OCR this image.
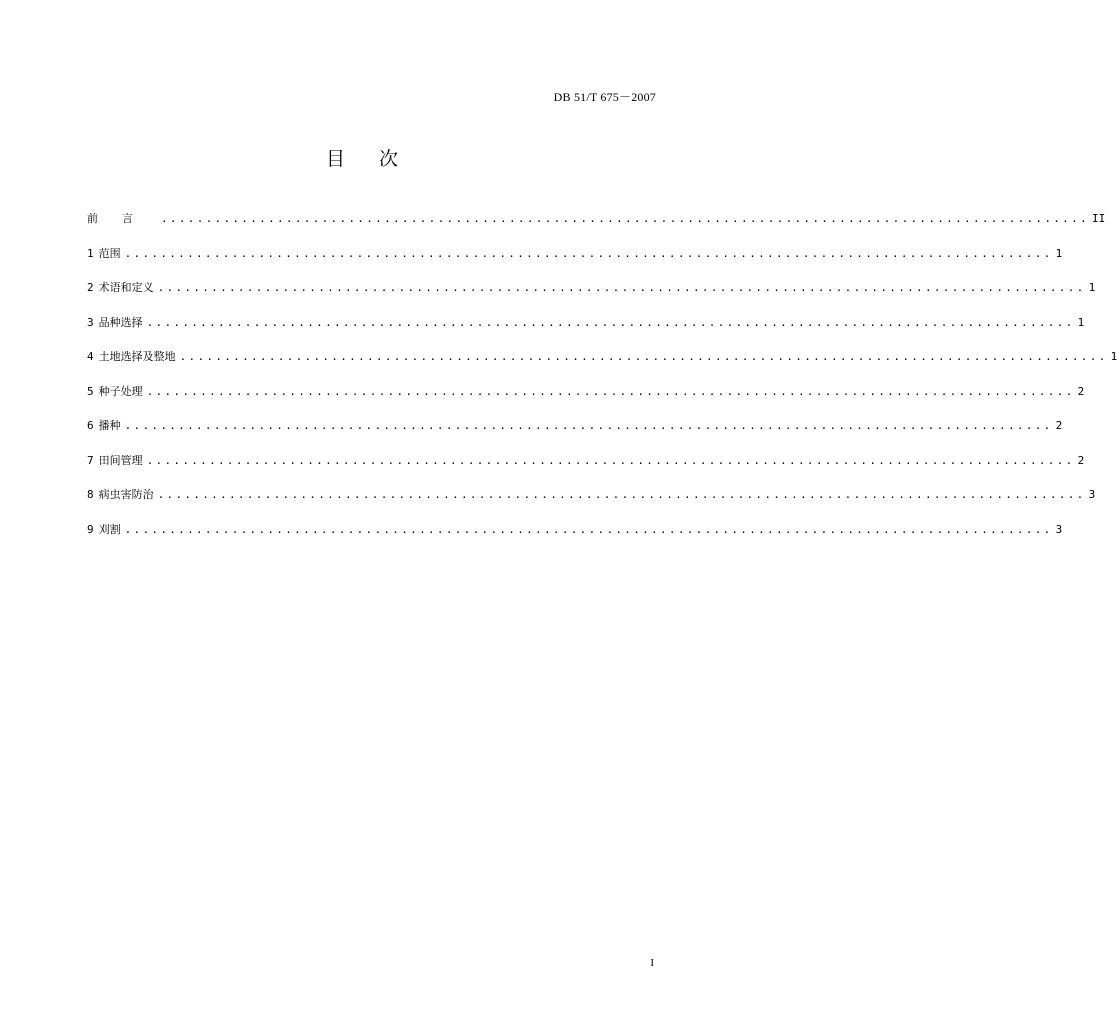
DB 51/T 675－2007
目次
前言 ........................................................................................................ II
1 范围 ........................................................................................................ 1
2 术语和定义 ........................................................................................................ 1
3 品种选择 ........................................................................................................ 1
4 土地选择及整地 ........................................................................................................ 1
5 种子处理 ........................................................................................................ 2
6 播种 ........................................................................................................ 2
7 田间管理 ........................................................................................................ 2
8 病虫害防治 ........................................................................................................ 3
9 刈割 ........................................................................................................ 3
I
